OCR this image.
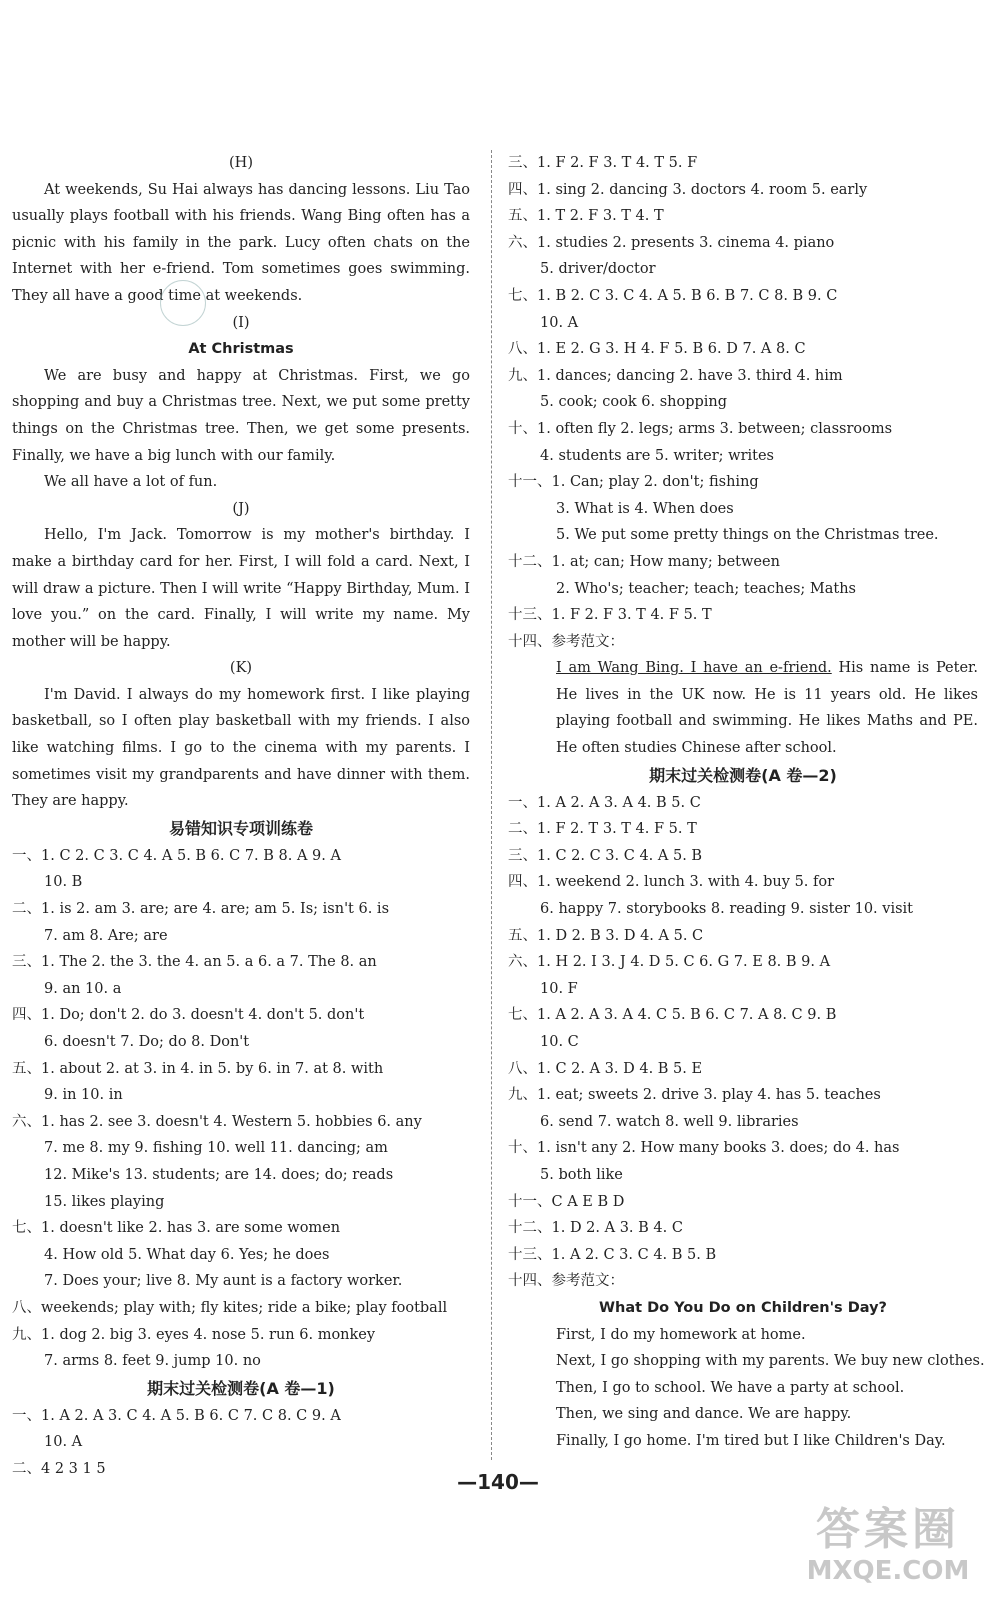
(H)
At weekends, Su Hai always has dancing lessons. Liu Tao usually plays football with his friends. Wang Bing often has a picnic with his family in the park. Lucy often chats on the Internet with her e-friend. Tom sometimes goes swimming. They all have a good time at weekends.
(I)
At Christmas
We are busy and happy at Christmas. First, we go shopping and buy a Christmas tree. Next, we put some pretty things on the Christmas tree. Then, we get some presents. Finally, we have a big lunch with our family.
We all have a lot of fun.
(J)
Hello, I'm Jack. Tomorrow is my mother's birthday. I make a birthday card for her. First, I will fold a card. Next, I will draw a picture. Then I will write “Happy Birthday, Mum. I love you.” on the card. Finally, I will write my name. My mother will be happy.
(K)
I'm David. I always do my homework first. I like playing basketball, so I often play basketball with my friends. I also like watching films. I go to the cinema with my parents. I sometimes visit my grandparents and have dinner with them. They are happy.
易错知识专项训练卷
一、1. C 2. C 3. C 4. A 5. B 6. C 7. B 8. A 9. A
10. B
二、1. is 2. am 3. are; are 4. are; am 5. Is; isn't 6. is
7. am 8. Are; are
三、1. The 2. the 3. the 4. an 5. a 6. a 7. The 8. an
9. an 10. a
四、1. Do; don't 2. do 3. doesn't 4. don't 5. don't
6. doesn't 7. Do; do 8. Don't
五、1. about 2. at 3. in 4. in 5. by 6. in 7. at 8. with
9. in 10. in
六、1. has 2. see 3. doesn't 4. Western 5. hobbies 6. any
7. me 8. my 9. fishing 10. well 11. dancing; am
12. Mike's 13. students; are 14. does; do; reads
15. likes playing
七、1. doesn't like 2. has 3. are some women
4. How old 5. What day 6. Yes; he does
7. Does your; live 8. My aunt is a factory worker.
八、weekends; play with; fly kites; ride a bike; play football
九、1. dog 2. big 3. eyes 4. nose 5. run 6. monkey
7. arms 8. feet 9. jump 10. no
期末过关检测卷(A 卷—1)
一、1. A 2. A 3. C 4. A 5. B 6. C 7. C 8. C 9. A
10. A
二、4 2 3 1 5
三、1. F 2. F 3. T 4. T 5. F
四、1. sing 2. dancing 3. doctors 4. room 5. early
五、1. T 2. F 3. T 4. T
六、1. studies 2. presents 3. cinema 4. piano
5. driver/doctor
七、1. B 2. C 3. C 4. A 5. B 6. B 7. C 8. B 9. C
10. A
八、1. E 2. G 3. H 4. F 5. B 6. D 7. A 8. C
九、1. dances; dancing 2. have 3. third 4. him
5. cook; cook 6. shopping
十、1. often fly 2. legs; arms 3. between; classrooms
4. students are 5. writer; writes
十一、1. Can; play 2. don't; fishing
3. What is 4. When does
5. We put some pretty things on the Christmas tree.
十二、1. at; can; How many; between
2. Who's; teacher; teach; teaches; Maths
十三、1. F 2. F 3. T 4. F 5. T
十四、参考范文：
I am Wang Bing. I have an e-friend. His name is Peter. He lives in the UK now. He is 11 years old. He likes playing football and swimming. He likes Maths and PE. He often studies Chinese after school.
期末过关检测卷(A 卷—2)
一、1. A 2. A 3. A 4. B 5. C
二、1. F 2. T 3. T 4. F 5. T
三、1. C 2. C 3. C 4. A 5. B
四、1. weekend 2. lunch 3. with 4. buy 5. for
6. happy 7. storybooks 8. reading 9. sister 10. visit
五、1. D 2. B 3. D 4. A 5. C
六、1. H 2. I 3. J 4. D 5. C 6. G 7. E 8. B 9. A
10. F
七、1. A 2. A 3. A 4. C 5. B 6. C 7. A 8. C 9. B
10. C
八、1. C 2. A 3. D 4. B 5. E
九、1. eat; sweets 2. drive 3. play 4. has 5. teaches
6. send 7. watch 8. well 9. libraries
十、1. isn't any 2. How many books 3. does; do 4. has
5. both like
十一、C A E B D
十二、1. D 2. A 3. B 4. C
十三、1. A 2. C 3. C 4. B 5. B
十四、参考范文：
What Do You Do on Children's Day?
First, I do my homework at home.
Next, I go shopping with my parents. We buy new clothes.
Then, I go to school. We have a party at school.
Then, we sing and dance. We are happy.
Finally, I go home. I'm tired but I like Children's Day.
—140—
答案圈
MXQE.COM
